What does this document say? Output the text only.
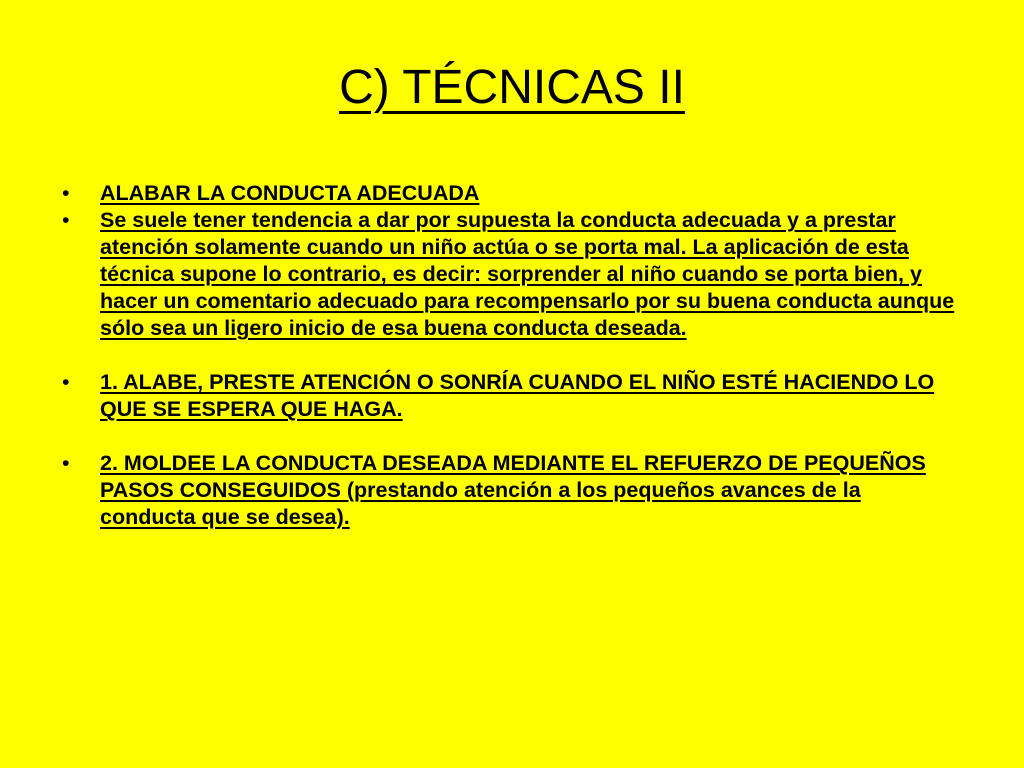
C) TÉCNICAS II
• ALABAR LA CONDUCTA ADECUADA
• Se suele tener tendencia a dar por supuesta la conducta adecuada y a prestar atención solamente cuando un niño actúa o se porta mal. La aplicación de esta técnica supone lo contrario, es decir: sorprender al niño cuando se porta bien, y hacer un comentario adecuado para recompensarlo por su buena conducta aunque sólo sea un ligero inicio de esa buena conducta deseada.
• 1. ALABE, PRESTE ATENCIÓN O SONRÍA CUANDO EL NIÑO ESTÉ HACIENDO LO QUE SE ESPERA QUE HAGA.
• 2. MOLDEE LA CONDUCTA DESEADA MEDIANTE EL REFUERZO DE PEQUEÑOS PASOS CONSEGUIDOS (prestando atención a los pequeños avances de la conducta que se desea).
